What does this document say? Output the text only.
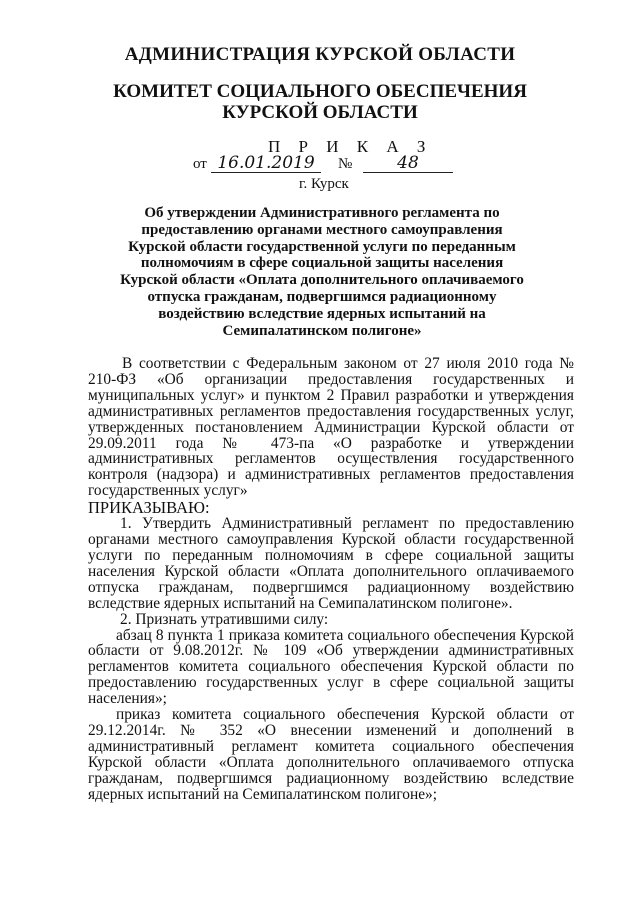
АДМИНИСТРАЦИЯ КУРСКОЙ ОБЛАСТИ
КОМИТЕТ СОЦИАЛЬНОГО ОБЕСПЕЧЕНИЯ
КУРСКОЙ ОБЛАСТИ
П Р И К А З
от 16.01.2019	№	48
г. Курск
Об утверждении Административного регламента по предоставлению органами местного самоуправления Курской области государственной услуги по переданным полномочиям в сфере социальной защиты населения Курской области «Оплата дополнительного оплачиваемого отпуска гражданам, подвергшимся радиационному воздействию вследствие ядерных испытаний на Семипалатинском полигоне»

В соответствии с Федеральным законом от 27 июля 2010 года № 210-ФЗ «Об организации предоставления государственных и муниципальных услуг» и пунктом 2 Правил разработки и утверждения административных регламентов предоставления государственных услуг, утвержденных постановлением Администрации Курской области от 29.09.2011 года № 473-па «О разработке и утверждении административных регламентов осуществления государственного контроля (надзора) и административных регламентов предоставления государственных услуг»

ПРИКАЗЫВАЮ:

1. Утвердить Административный регламент по предоставлению органами местного самоуправления Курской области государственной услуги по переданным полномочиям в сфере социальной защиты населения Курской области «Оплата дополнительного оплачиваемого отпуска гражданам, подвергшимся радиационному воздействию вследствие ядерных испытаний на Семипалатинском полигоне».

2. Признать утратившими силу:

абзац 8 пункта 1 приказа комитета социального обеспечения Курской области от 9.08.2012г. № 109 «Об утверждении административных регламентов комитета социального обеспечения Курской области по предоставлению государственных услуг в сфере социальной защиты населения»;

приказ комитета социального обеспечения Курской области от 29.12.2014г. № 352 «О внесении изменений и дополнений в административный регламент комитета социального обеспечения Курской области «Оплата дополнительного оплачиваемого отпуска гражданам, подвергшимся радиационному воздействию вследствие ядерных испытаний на Семипалатинском полигоне»;
